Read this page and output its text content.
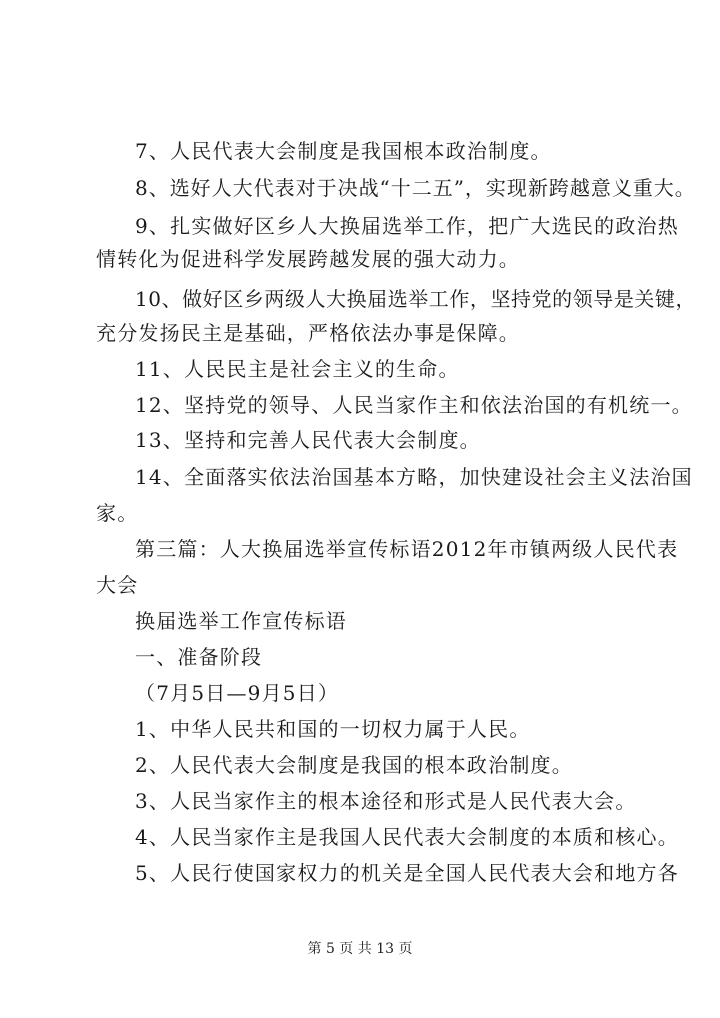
7、人民代表大会制度是我国根本政治制度。
8、选好人大代表对于决战“十二五”，实现新跨越意义重大。
9、扎实做好区乡人大换届选举工作，把广大选民的政治热
情转化为促进科学发展跨越发展的强大动力。
10、做好区乡两级人大换届选举工作，坚持党的领导是关键，
充分发扬民主是基础，严格依法办事是保障。
11、人民民主是社会主义的生命。
12、坚持党的领导、人民当家作主和依法治国的有机统一。
13、坚持和完善人民代表大会制度。
14、全面落实依法治国基本方略，加快建设社会主义法治国
家。
第三篇：人大换届选举宣传标语2012年市镇两级人民代表
大会
换届选举工作宣传标语
一、准备阶段
（7月5日—9月5日）
1、中华人民共和国的一切权力属于人民。
2、人民代表大会制度是我国的根本政治制度。
3、人民当家作主的根本途径和形式是人民代表大会。
4、人民当家作主是我国人民代表大会制度的本质和核心。
5、人民行使国家权力的机关是全国人民代表大会和地方各
第 5 页 共 13 页
